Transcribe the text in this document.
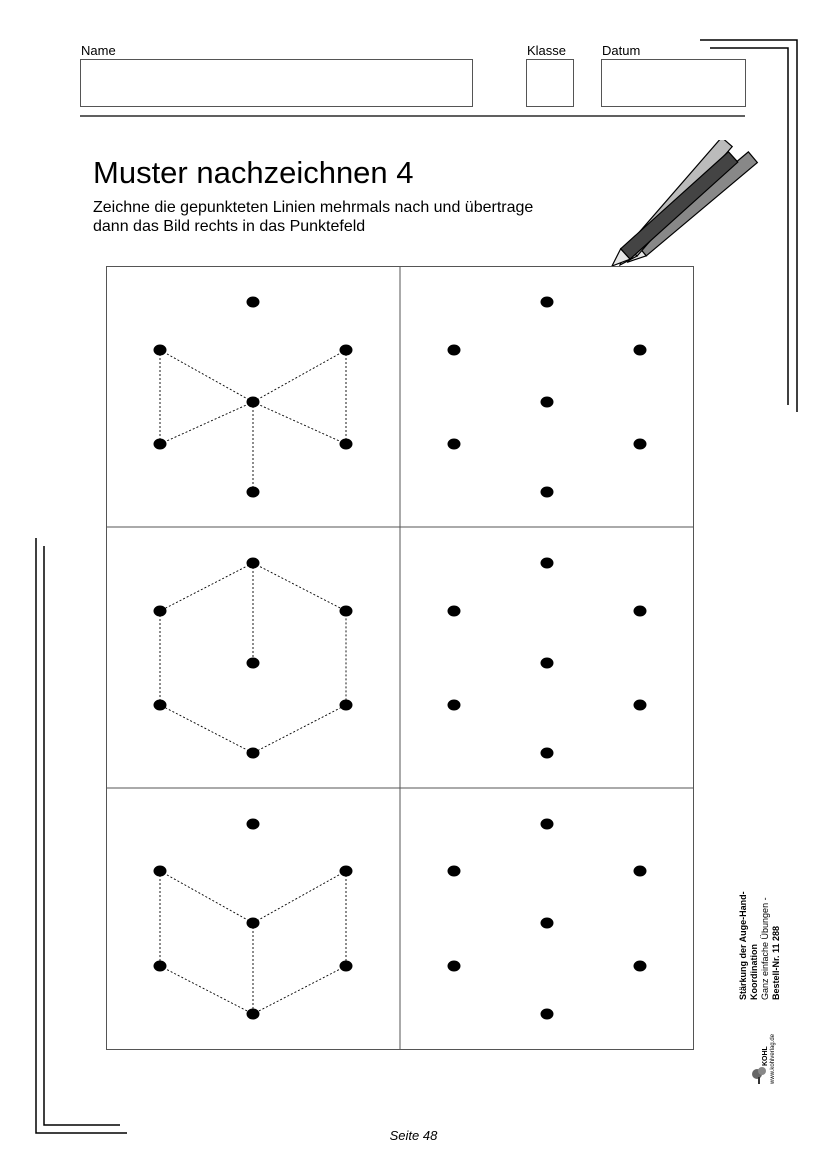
Name	Klasse	Datum
Muster nachzeichnen 4
Zeichne die gepunkteten Linien mehrmals nach und übertrage
dann das Bild rechts in das Punktefeld
Stärkung der Auge-Hand-Koordination Ganz einfache Übungen - Bestell-Nr. 11 288
KOHL www.kohlverlag.de
Seite 48
